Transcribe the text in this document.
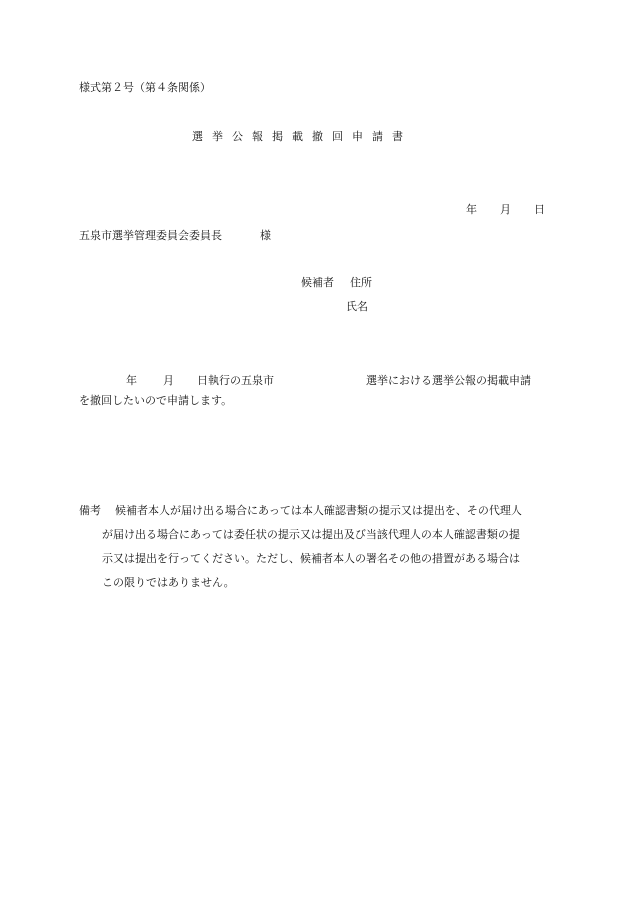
様式第２号（第４条関係）
選挙公報掲載撤回申請書
年 月 日
五泉市選挙管理委員会委員長	様
候補者 住所
氏名
年 月 日執行の五泉市	選挙における選挙公報の掲載申請
を撤回したいので申請します。
備考	候補者本人が届け出る場合にあっては本人確認書類の提示又は提出を、その代理人
が届け出る場合にあっては委任状の提示又は提出及び当該代理人の本人確認書類の提
示又は提出を行ってください。ただし、候補者本人の署名その他の措置がある場合は
この限りではありません。
